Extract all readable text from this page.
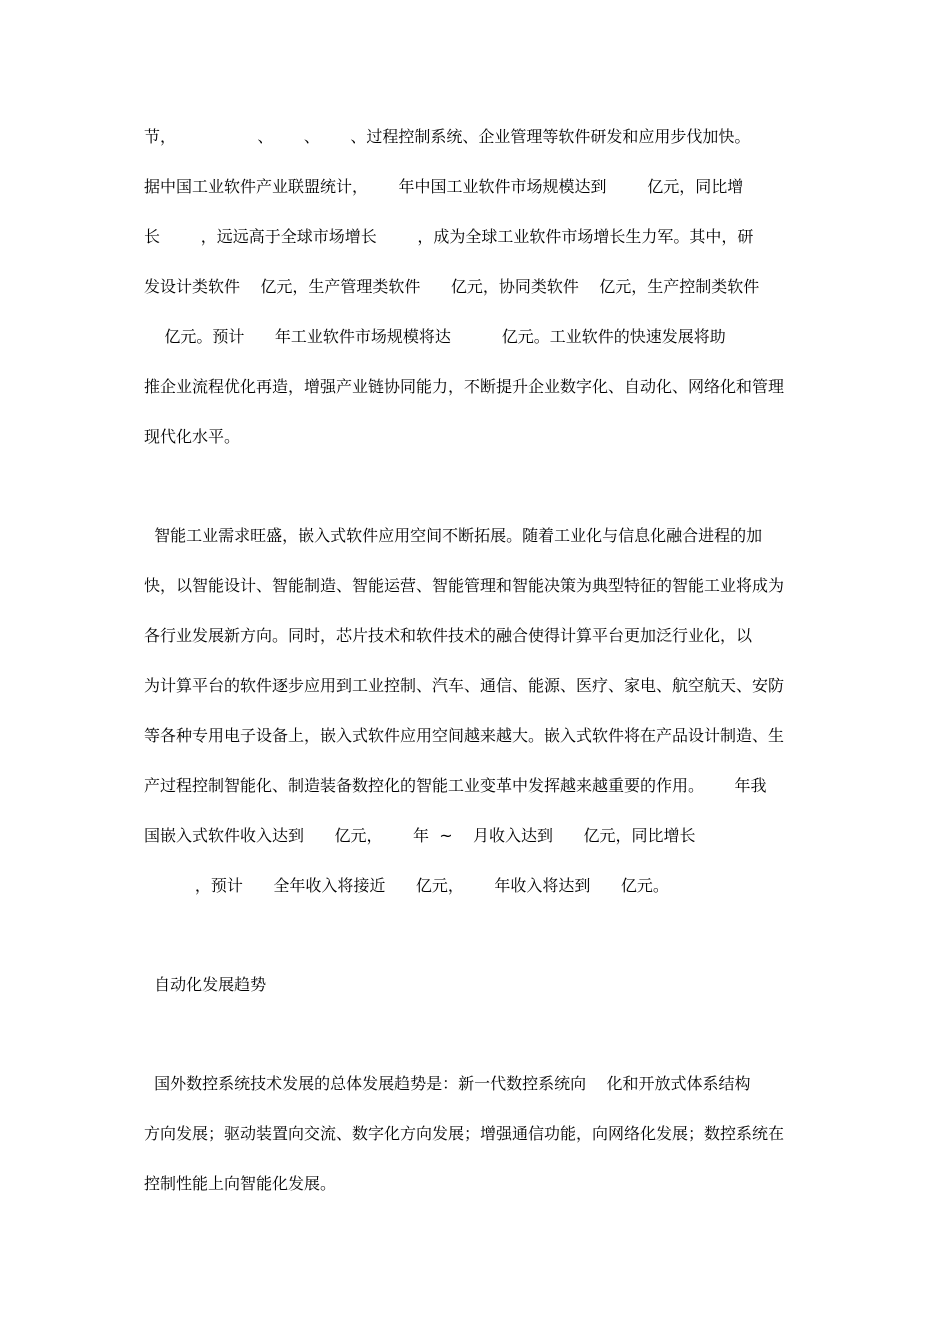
节，                、      、      、过程控制系统、企业管理等软件研发和应用步伐加快。

据中国工业软件产业联盟统计，      年中国工业软件市场规模达到        亿元，同比增

长        ，远远高于全球市场增长        ，成为全球工业软件市场增长生力军。其中，研

发设计类软件    亿元，生产管理类软件      亿元，协同类软件    亿元，生产控制类软件

亿元。预计      年工业软件市场规模将达          亿元。工业软件的快速发展将助

推企业流程优化再造，增强产业链协同能力，不断提升企业数字化、自动化、网络化和管理

现代化水平。

智能工业需求旺盛，嵌入式软件应用空间不断拓展。随着工业化与信息化融合进程的加

快，以智能设计、智能制造、智能运营、智能管理和智能决策为典型特征的智能工业将成为

各行业发展新方向。同时，芯片技术和软件技术的融合使得计算平台更加泛行业化，以

为计算平台的软件逐步应用到工业控制、汽车、通信、能源、医疗、家电、航空航天、安防

等各种专用电子设备上，嵌入式软件应用空间越来越大。嵌入式软件将在产品设计制造、生

产过程控制智能化、制造装备数控化的智能工业变革中发挥越来越重要的作用。      年我

国嵌入式软件收入达到      亿元，      年  ~    月收入达到      亿元，同比增长

，预计      全年收入将接近      亿元，      年收入将达到      亿元。

自动化发展趋势

国外数控系统技术发展的总体发展趋势是：新一代数控系统向    化和开放式体系结构

方向发展；驱动装置向交流、数字化方向发展；增强通信功能，向网络化发展；数控系统在

控制性能上向智能化发展。
